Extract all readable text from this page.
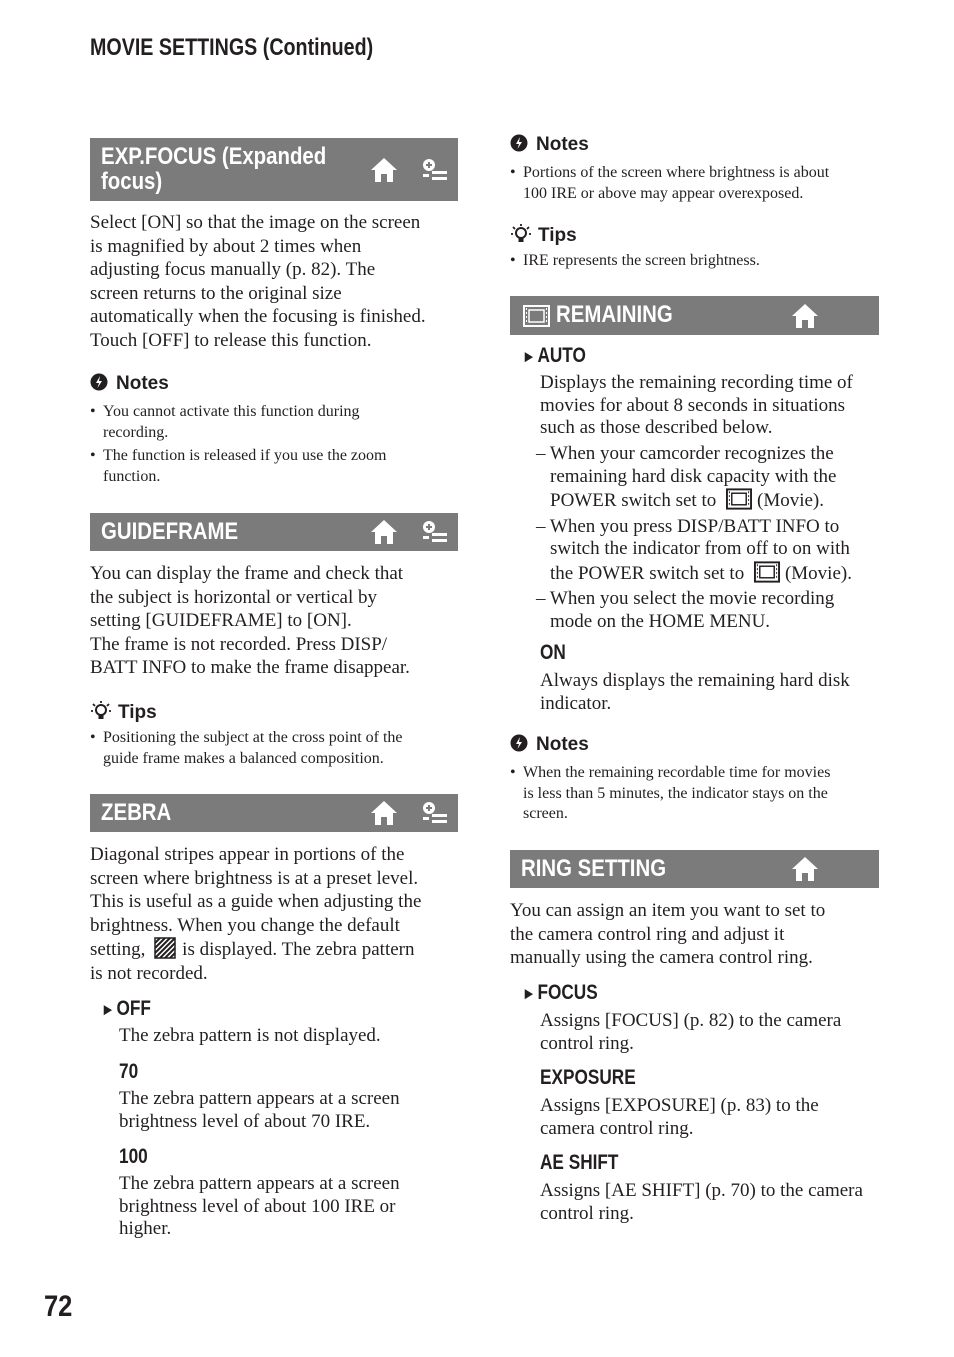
MOVIE SETTINGS (Continued)
EXP.FOCUS (Expanded
focus)
Select [ON] so that the image on the screen
is magnified by about 2 times when
adjusting focus manually (p. 82). The
screen returns to the original size
automatically when the focusing is finished.
Touch [OFF] to release this function.
Notes
• You cannot activate this function during
recording.
• The function is released if you use the zoom
function.
GUIDEFRAME
You can display the frame and check that
the subject is horizontal or vertical by
setting [GUIDEFRAME] to [ON].
The frame is not recorded. Press DISP/
BATT INFO to make the frame disappear.
Tips
• Positioning the subject at the cross point of the
guide frame makes a balanced composition.
ZEBRA
Diagonal stripes appear in portions of the
screen where brightness is at a preset level.
This is useful as a guide when adjusting the
brightness. When you change the default
setting, is displayed. The zebra pattern
is not recorded.
►OFF
The zebra pattern is not displayed.
70
The zebra pattern appears at a screen
brightness level of about 70 IRE.
100
The zebra pattern appears at a screen
brightness level of about 100 IRE or
higher.
Notes
• Portions of the screen where brightness is about
100 IRE or above may appear overexposed.
Tips
• IRE represents the screen brightness.
REMAINING
►AUTO
Displays the remaining recording time of
movies for about 8 seconds in situations
such as those described below.
– When your camcorder recognizes the
remaining hard disk capacity with the
POWER switch set to (Movie).
– When you press DISP/BATT INFO to
switch the indicator from off to on with
the POWER switch set to (Movie).
– When you select the movie recording
mode on the HOME MENU.
ON
Always displays the remaining hard disk
indicator.
Notes
• When the remaining recordable time for movies
is less than 5 minutes, the indicator stays on the
screen.
RING SETTING
You can assign an item you want to set to
the camera control ring and adjust it
manually using the camera control ring.
►FOCUS
Assigns [FOCUS] (p. 82) to the camera
control ring.
EXPOSURE
Assigns [EXPOSURE] (p. 83) to the
camera control ring.
AE SHIFT
Assigns [AE SHIFT] (p. 70) to the camera
control ring.
72
